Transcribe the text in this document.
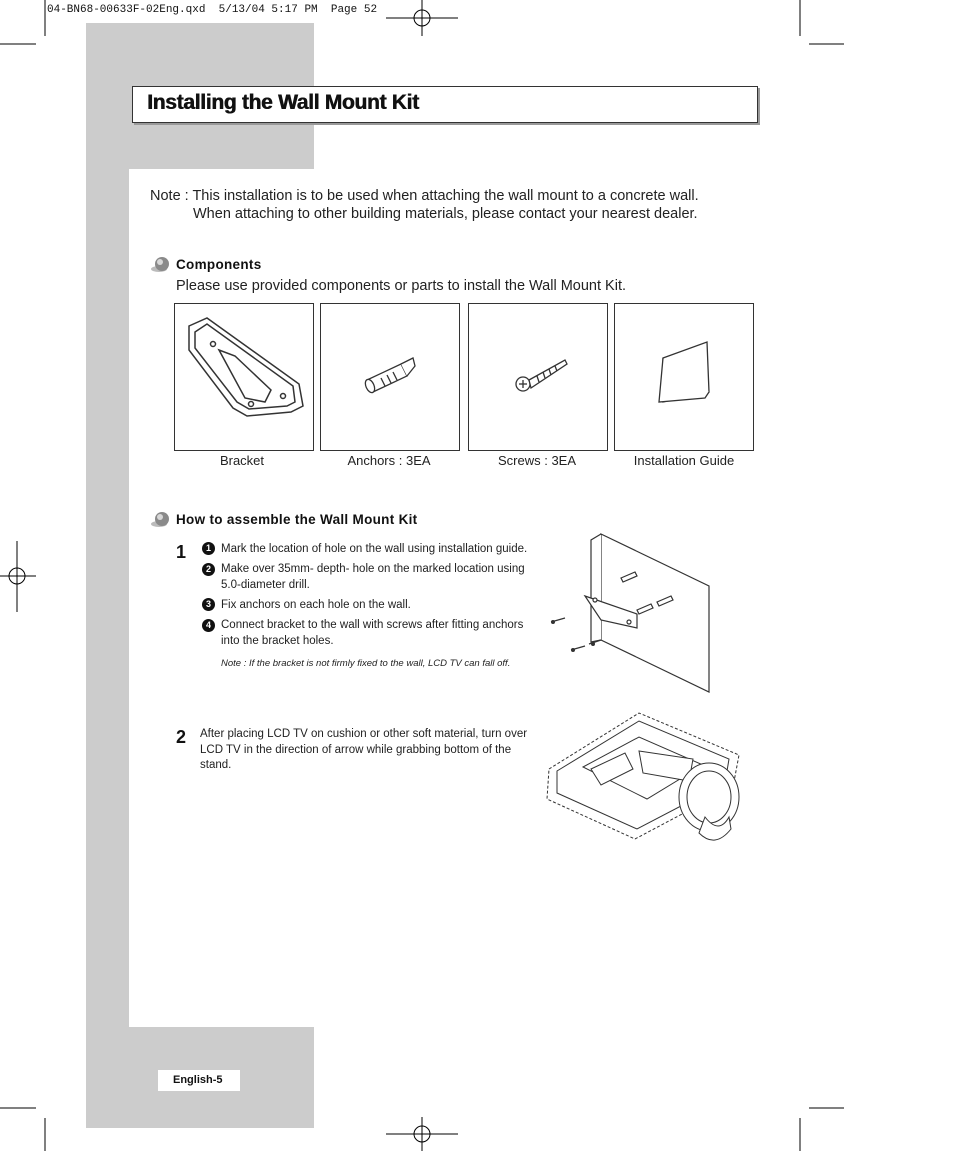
04-BN68-00633F-02Eng.qxd  5/13/04 5:17 PM  Page 52
Installing the Wall Mount Kit
Note : This installation is to be used when attaching the wall mount to a concrete wall.
When attaching to other building materials, please contact your nearest dealer.
Components
Please use provided components or parts to install the Wall Mount Kit.
Bracket	Anchors : 3EA	Screws : 3EA	Installation Guide
How to assemble the Wall Mount Kit
1	1 Mark the location of hole on the wall using installation guide.
2 Make over 35mm- depth- hole on the marked location using 5.0-diameter drill.
3 Fix anchors on each hole on the wall.
4 Connect bracket to the wall with screws after fitting anchors into the bracket holes.
Note : If the bracket is not firmly fixed to the wall, LCD TV can fall off.
2 After placing LCD TV on cushion or other soft material, turn over LCD TV in the direction of arrow while grabbing bottom of the stand.
English-5
